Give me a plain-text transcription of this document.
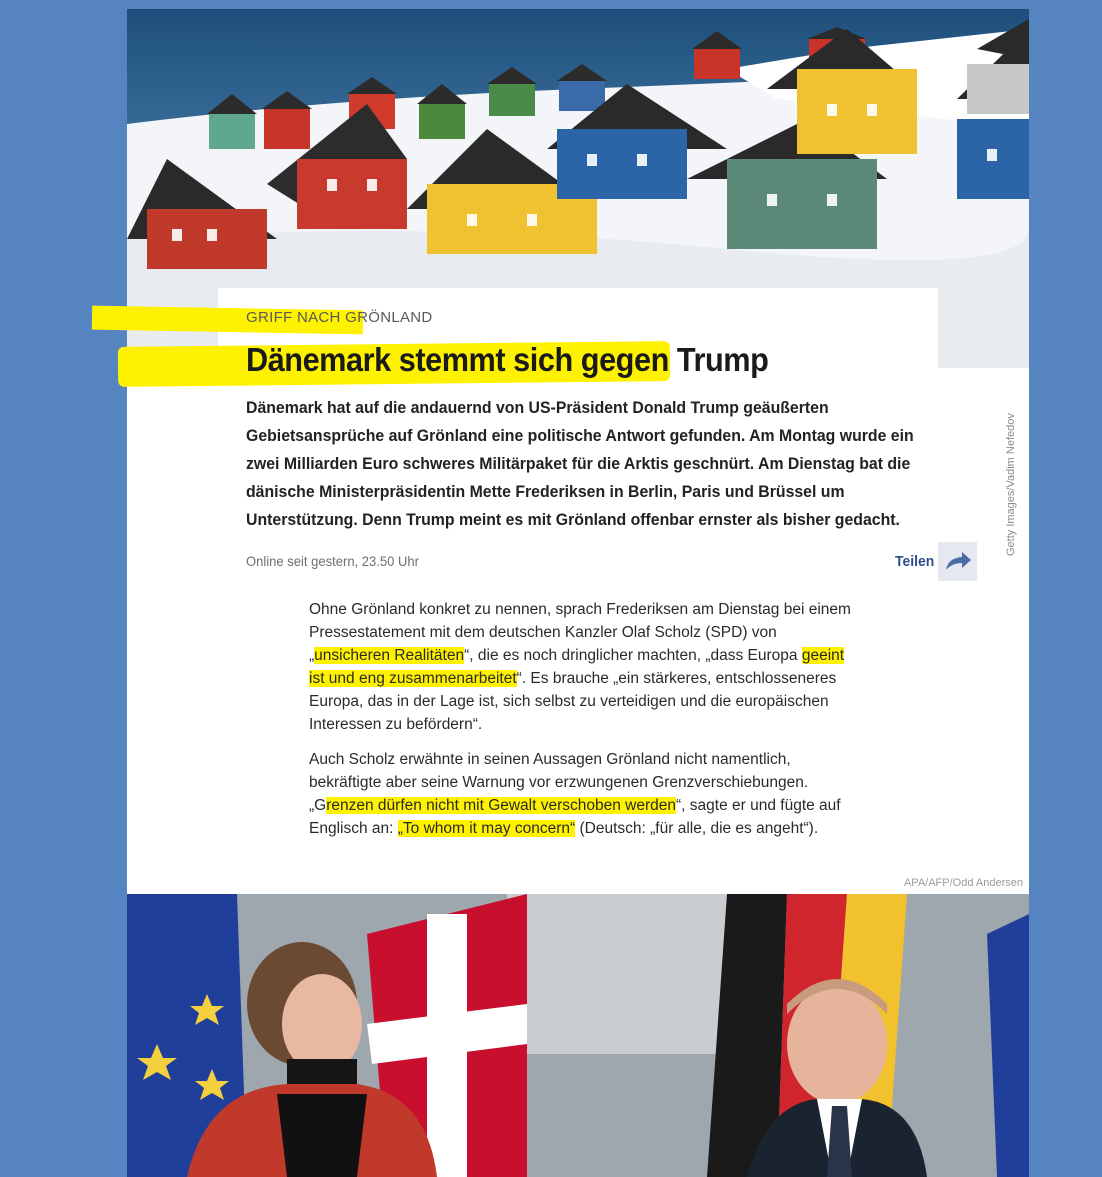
GRIFF NACH GRÖNLAND
Dänemark stemmt sich gegen Trump
Dänemark hat auf die andauernd von US-Präsident Donald Trump geäußerten Gebietsansprüche auf Grönland eine politische Antwort gefunden. Am Montag wurde ein zwei Milliarden Euro schweres Militärpaket für die Arktis geschnürt. Am Dienstag bat die dänische Ministerpräsidentin Mette Frederiksen in Berlin, Paris und Brüssel um Unterstützung. Denn Trump meint es mit Grönland offenbar ernster als bisher gedacht.	Getty Images/Vadim Nefedov
Online seit gestern, 23.50 Uhr	Teilen

Ohne Grönland konkret zu nennen, sprach Frederiksen am Dienstag bei einem Pressestatement mit dem deutschen Kanzler Olaf Scholz (SPD) von „unsicheren Realitäten“, die es noch dringlicher machten, „dass Europa geeint ist und eng zusammenarbeitet“. Es brauche „ein stärkeres, entschlosseneres Europa, das in der Lage ist, sich selbst zu verteidigen und die europäischen Interessen zu befördern“.

Auch Scholz erwähnte in seinen Aussagen Grönland nicht namentlich, bekräftigte aber seine Warnung vor erzwungenen Grenzverschiebungen. „Grenzen dürfen nicht mit Gewalt verschoben werden“, sagte er und fügte auf Englisch an: „To whom it may concern“ (Deutsch: „für alle, die es angeht“).

APA/AFP/Odd Andersen
